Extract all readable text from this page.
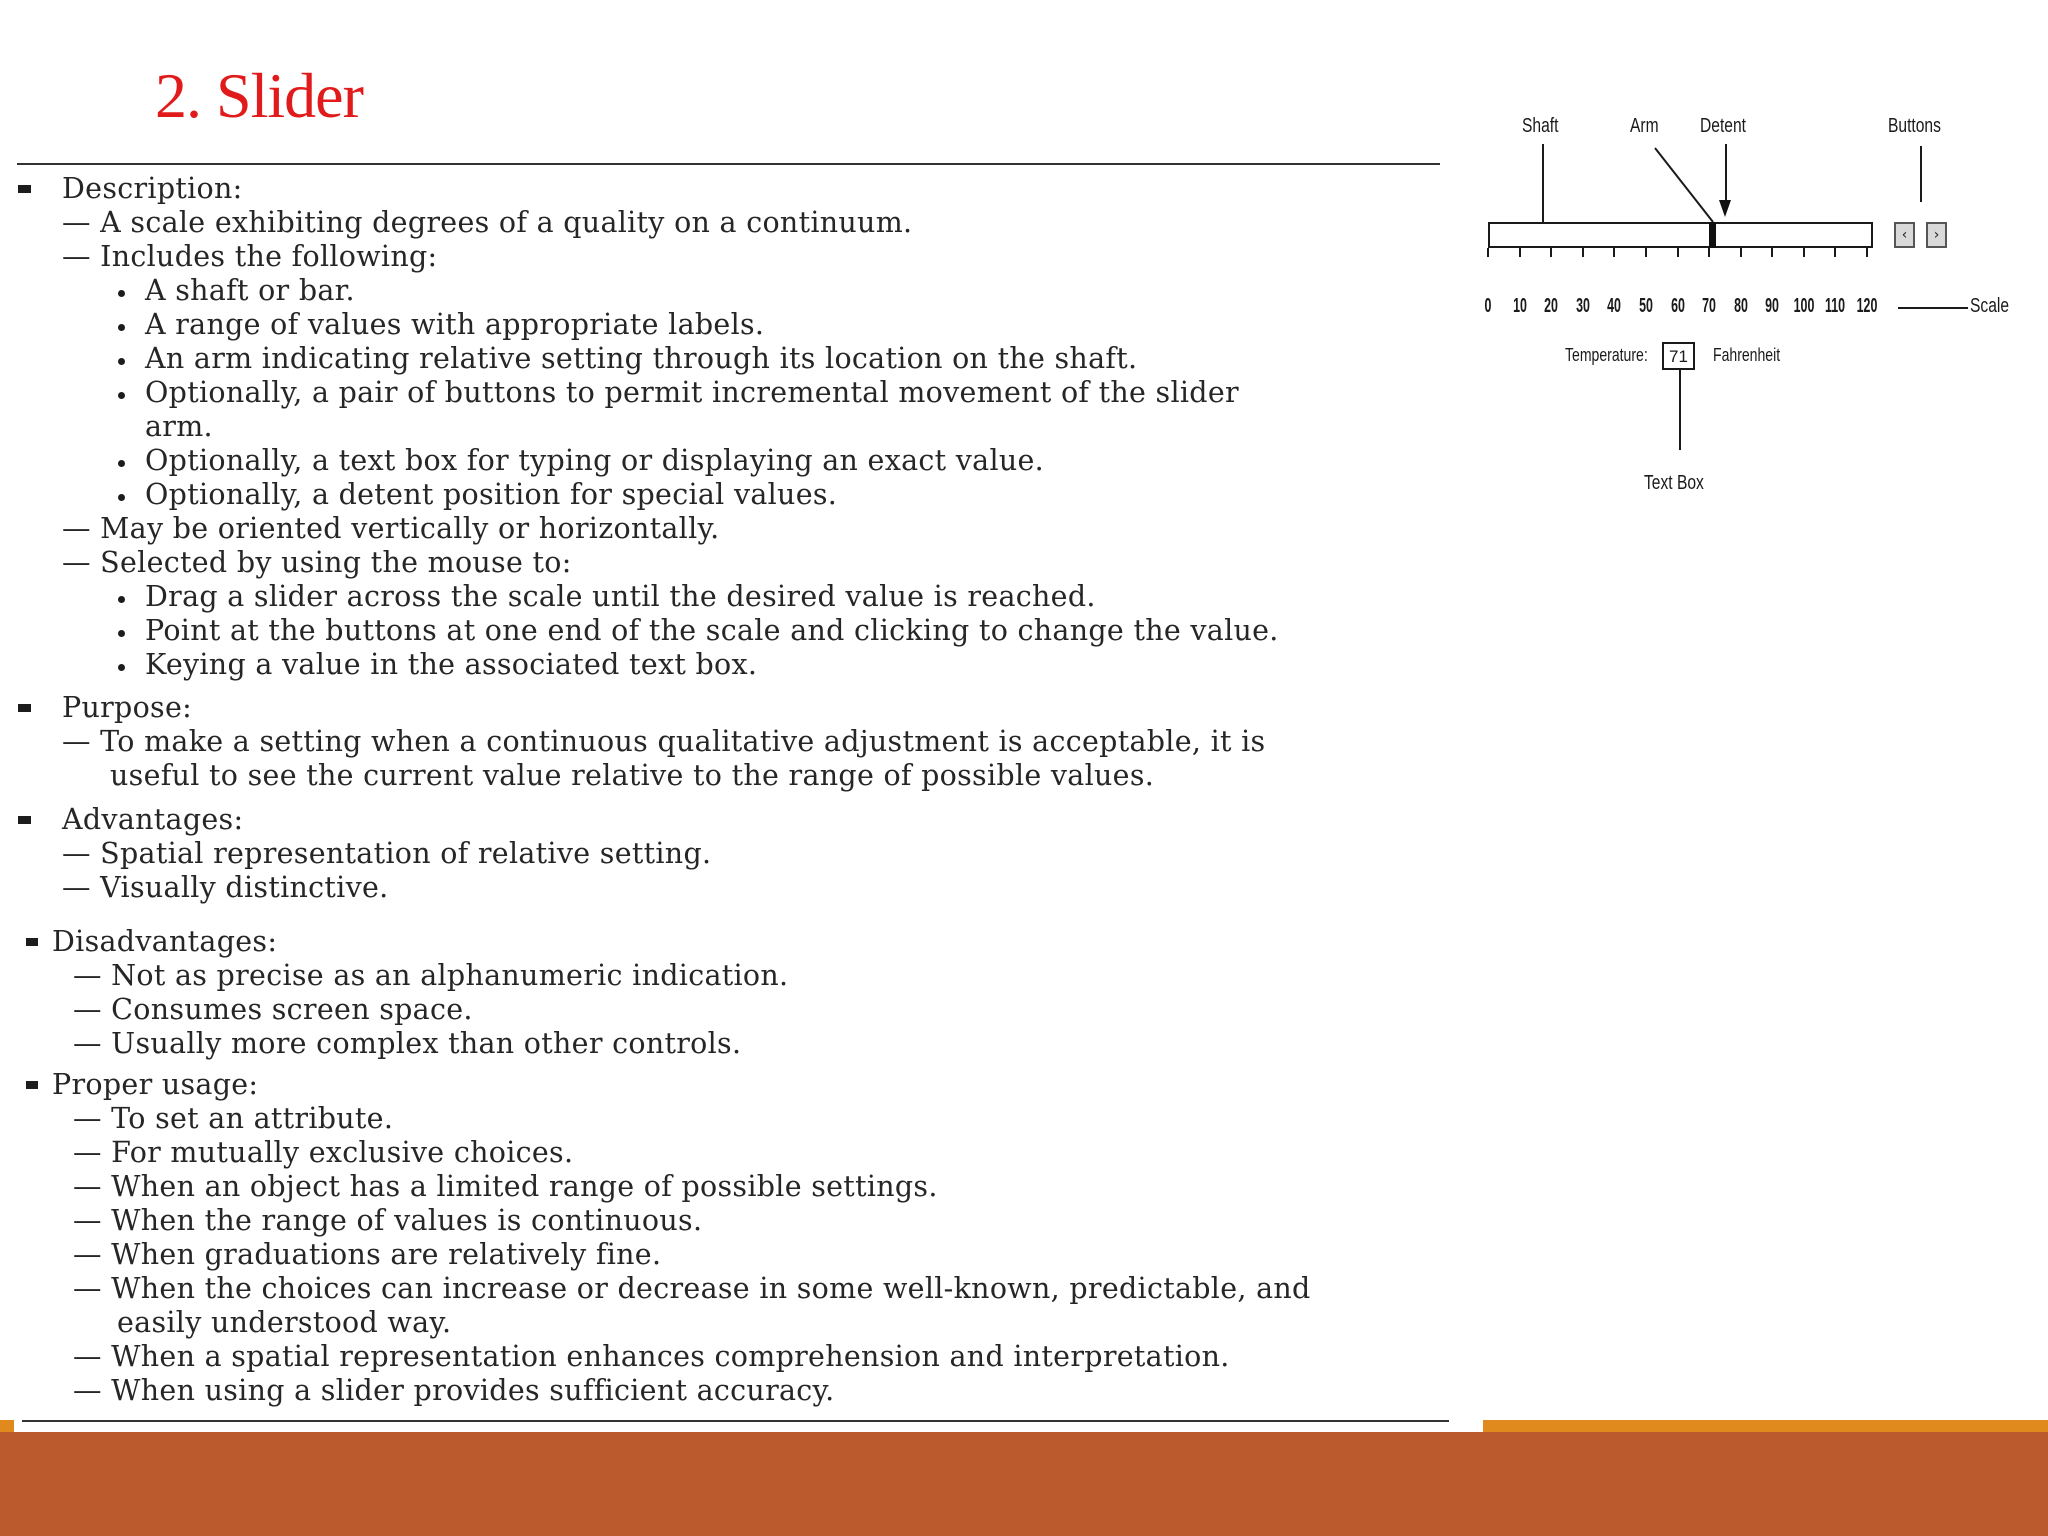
2. Slider
Description:
— A scale exhibiting degrees of a quality on a continuum.
— Includes the following:
A shaft or bar.
A range of values with appropriate labels.
An arm indicating relative setting through its location on the shaft.
Optionally, a pair of buttons to permit incremental movement of the slider
arm.
Optionally, a text box for typing or displaying an exact value.
Optionally, a detent position for special values.
— May be oriented vertically or horizontally.
— Selected by using the mouse to:
Drag a slider across the scale until the desired value is reached.
Point at the buttons at one end of the scale and clicking to change the value.
Keying a value in the associated text box.
Purpose:
— To make a setting when a continuous qualitative adjustment is acceptable, it is
useful to see the current value relative to the range of possible values.
Advantages:
— Spatial representation of relative setting.
— Visually distinctive.
Disadvantages:
— Not as precise as an alphanumeric indication.
— Consumes screen space.
— Usually more complex than other controls.
Proper usage:
— To set an attribute.
— For mutually exclusive choices.
— When an object has a limited range of possible settings.
— When the range of values is continuous.
— When graduations are relatively fine.
— When the choices can increase or decrease in some well-known, predictable, and
easily understood way.
— When a spatial representation enhances comprehension and interpretation.
— When using a slider provides sufficient accuracy.
Shaft	Arm Detent	Buttons
‹	›
0 10 20 30 40 50 60 70 80 90 100 110 120	Scale
Temperature: 71 Fahrenheit
Text Box
